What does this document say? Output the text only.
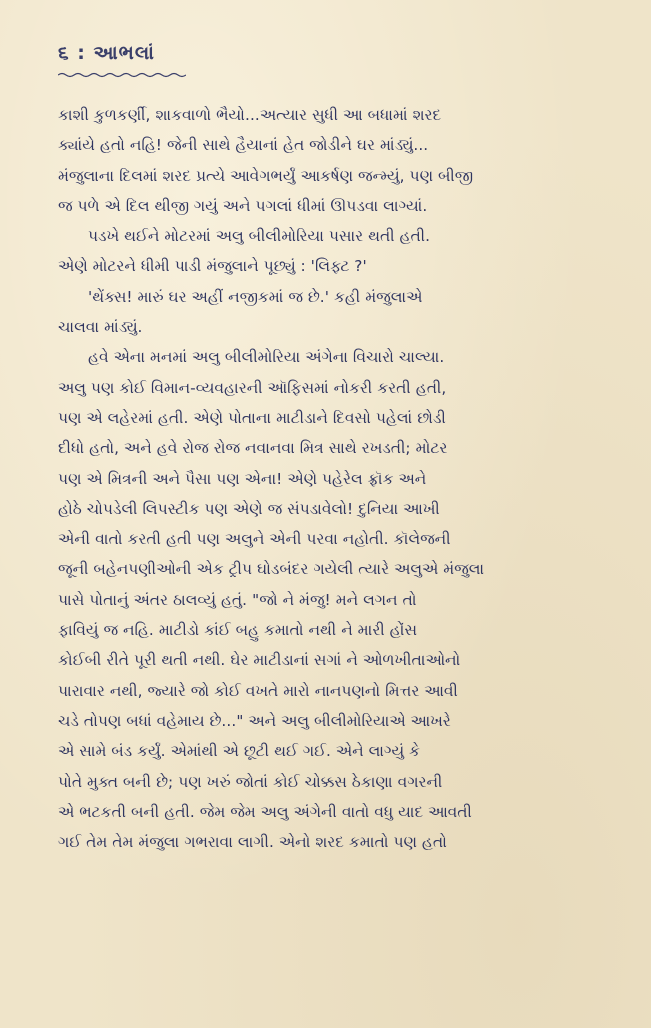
૬ : આભલાં
કાશી કુળકર્ણી, શાકવાળો ભૈયો...અત્યાર સુધી આ બધામાં શરદ
ક્યાંયે હતો નહિ! જેની સાથે હૈયાનાં હેત જોડીને ઘર માંડ્યું...
મંજુલાના દિલમાં શરદ પ્રત્યે આવેગભર્યું આકર્ષણ જન્મ્યું, પણ બીજી
જ પળે એ દિલ થીજી ગયું અને પગલાં ધીમાં ઊપડવા લાગ્યાં.
પડખે થઈને મોટરમાં અલુ બીલીમોરિયા પસાર થતી હતી.
એણે મોટરને ધીમી પાડી મંજુલાને પૂછ્યું : 'લિફ્ટ ?'
'થેંક્સ! મારું ઘર અહીં નજીકમાં જ છે.' કહી મંજુલાએ
ચાલવા માંડ્યું.
હવે એના મનમાં અલુ બીલીમોરિયા અંગેના વિચારો ચાલ્યા.
અલુ પણ કોઈ વિમાન-વ્યવહારની ઑફિસમાં નોકરી કરતી હતી,
પણ એ લહેરમાં હતી. એણે પોતાના માટીડાને દિવસો પહેલાં છોડી
દીધો હતો, અને હવે રોજ રોજ નવાનવા મિત્ર સાથે રખડતી; મોટર
પણ એ મિત્રની અને પૈસા પણ એના! એણે પહેરેલ ફ્રૉક અને
હોઠે ચોપડેલી લિપસ્ટીક પણ એણે જ સંપડાવેલો! દુનિયા આખી
એની વાતો કરતી હતી પણ અલુને એની પરવા નહોતી. કૉલેજની
જૂની બહેનપણીઓની એક ટ્રીપ ઘોડબંદર ગયેલી ત્યારે અલુએ મંજુલા
પાસે પોતાનું અંતર ઠાલવ્યું હતું. "જો ને મંજુ! મને લગન તો
ફાવિયું જ નહિ. માટીડો કાંઈ બહુ કમાતો નથી ને મારી હોંસ
કોઈબી રીતે પૂરી થતી નથી. ઘેર માટીડાનાં સગાં ને ઓળખીતાઓનો
પારાવાર નથી, જ્યારે જો કોઈ વખતે મારો નાનપણનો મિત્તર આવી
ચડે તોપણ બધાં વહેમાય છે..." અને અલુ બીલીમોરિયાએ આખરે
એ સામે બંડ કર્યું. એમાંથી એ છૂટી થઈ ગઈ. એને લાગ્યું કે
પોતે મુક્ત બની છે; પણ ખરું જોતાં કોઈ ચોક્કસ ઠેકાણા વગરની
એ ભટકતી બની હતી. જેમ જેમ અલુ અંગેની વાતો વધુ યાદ આવતી
ગઈ તેમ તેમ મંજુલા ગભરાવા લાગી. એનો શરદ કમાતો પણ હતો
